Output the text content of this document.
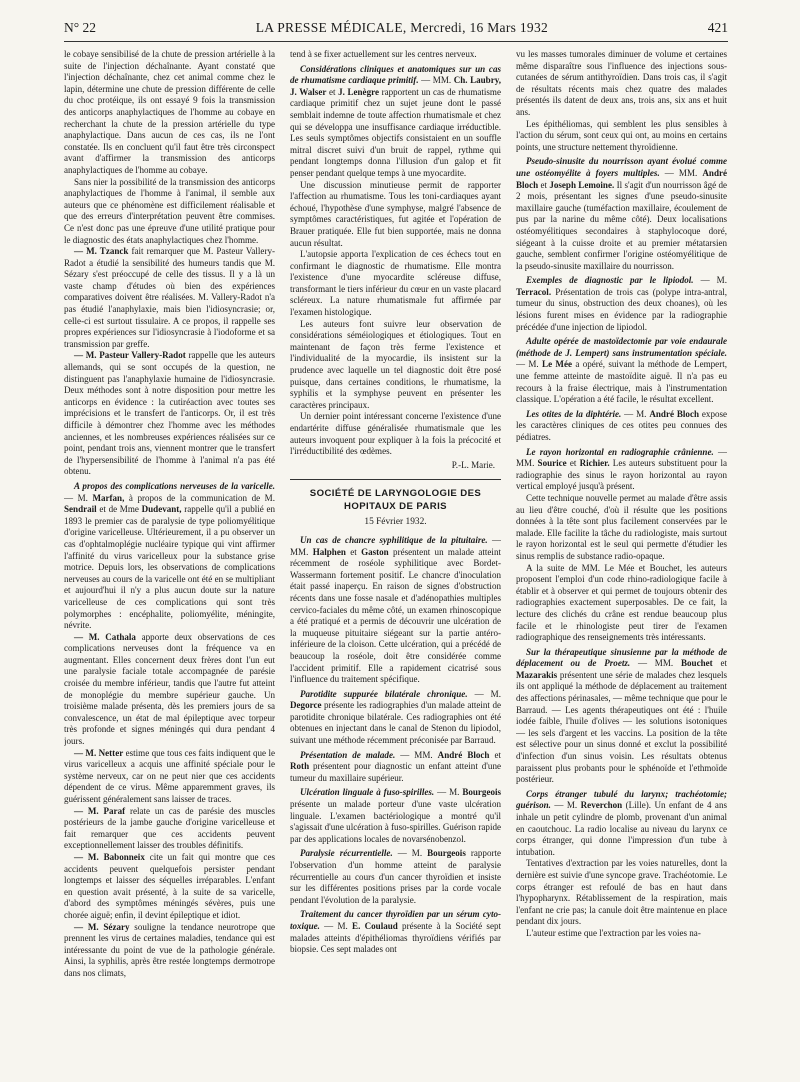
N° 22	LA PRESSE MÉDICALE, Mercredi, 16 Mars 1932	421

le cobaye sensibilisé de la chute de pression artérielle à la suite de l'injection déchaînante. Ayant constaté que l'injection déchaînante, chez cet animal comme chez le lapin, détermine une chute de pression différente de celle du choc protéique, ils ont essayé 9 fois la transmission des anticorps anaphylactiques de l'homme au cobaye en recherchant la chute de la pression artérielle du type anaphylactique. Dans aucun de ces cas, ils ne l'ont constatée. Ils en concluent qu'il faut être très circonspect avant d'affirmer la transmission des anticorps anaphylactiques de l'homme au cobaye.

Sans nier la possibilité de la transmission des anticorps anaphylactiques de l'homme à l'animal, il semble aux auteurs que ce phénomène est difficilement réalisable et que des erreurs d'interprétation peuvent être commises. Ce n'est donc pas une épreuve d'une utilité pratique pour le diagnostic des états anaphylactiques chez l'homme.

— M. Tzanck fait remarquer que M. Pasteur Vallery-Radot a étudié la sensibilité des humeurs tandis que M. Sézary s'est préoccupé de celle des tissus. Il y a là un vaste champ d'études où bien des expériences comparatives doivent être réalisées. M. Vallery-Radot n'a pas étudié l'anaphylaxie, mais bien l'idiosyncrasie; or, celle-ci est surtout tissulaire. A ce propos, il rappelle ses propres expériences sur l'idiosyncrasie à l'iodoforme et sa transmission par greffe.

— M. Pasteur Vallery-Radot rappelle que les auteurs allemands, qui se sont occupés de la question, ne distinguent pas l'anaphylaxie humaine de l'idiosyncrasie. Deux méthodes sont à notre disposition pour mettre les anticorps en évidence : la cutiréaction avec toutes ses imprécisions et le transfert de l'anticorps. Or, il est très difficile à démontrer chez l'homme avec les méthodes anciennes, et les nombreuses expériences réalisées sur ce point, pendant trois ans, viennent montrer que le transfert de l'hypersensibilité de l'homme à l'animal n'a pas été obtenu.

A propos des complications nerveuses de la varicelle. — M. Marfan, à propos de la communication de M. Sendrail et de Mme Dudevant, rappelle qu'il a publié en 1893 le premier cas de paralysie de type poliomyélitique d'origine varicelleuse. Ultérieurement, il a pu observer un cas d'ophtalmoplégie nucléaire typique qui vint affirmer l'affinité du virus varicelleux pour la substance grise motrice. Depuis lors, les observations de complications nerveuses au cours de la varicelle ont été en se multipliant et aujourd'hui il n'y a plus aucun doute sur la nature varicelleuse de ces complications qui sont très polymorphes : encéphalite, poliomyélite, méningite, névrite.

— M. Cathala apporte deux observations de ces complications nerveuses dont la fréquence va en augmentant. Elles concernent deux frères dont l'un eut une paralysie faciale totale accompagnée de parésie croisée du membre inférieur, tandis que l'autre fut atteint de monoplégie du membre supérieur gauche. Un troisième malade présenta, dès les premiers jours de sa convalescence, un état de mal épileptique avec torpeur très profonde et signes méningés qui dura pendant 4 jours.

— M. Netter estime que tous ces faits indiquent que le virus varicelleux a acquis une affinité spéciale pour le système nerveux, car on ne peut nier que ces accidents dépendent de ce virus. Même apparemment graves, ils guérissent généralement sans laisser de traces.

— M. Paraf relate un cas de parésie des muscles postérieurs de la jambe gauche d'origine varicelleuse et fait remarquer que ces accidents peuvent exceptionnellement laisser des troubles définitifs.

— M. Babonneix cite un fait qui montre que ces accidents peuvent quelquefois persister pendant longtemps et laisser des séquelles irréparables. L'enfant en question avait présenté, à la suite de sa varicelle, d'abord des symptômes méningés sévères, puis une chorée aiguë; enfin, il devint épileptique et idiot.

— M. Sézary souligne la tendance neurotrope que prennent les virus de certaines maladies, tendance qui est intéressante du point de vue de la pathologie générale. Ainsi, la syphilis, après être restée longtemps dermotrope dans nos climats,

tend à se fixer actuellement sur les centres nerveux.

Considérations cliniques et anatomiques sur un cas de rhumatisme cardiaque primitif. — MM. Ch. Laubry, J. Walser et J. Lenègre rapportent un cas de rhumatisme cardiaque primitif chez un sujet jeune dont le passé semblait indemne de toute affection rhumatismale et chez qui se développa une insuffisance cardiaque irréductible. Les seuls symptômes objectifs consistaient en un souffle mitral discret suivi d'un bruit de rappel, rythme qui pendant longtemps donna l'illusion d'un galop et fit penser pendant quelque temps à une myocardite.

Une discussion minutieuse permit de rapporter l'affection au rhumatisme. Tous les toni-cardiaques ayant échoué, l'hypothèse d'une symphyse, malgré l'absence de symptômes caractéristiques, fut agitée et l'opération de Brauer pratiquée. Elle fut bien supportée, mais ne donna aucun résultat.

L'autopsie apporta l'explication de ces échecs tout en confirmant le diagnostic de rhumatisme. Elle montra l'existence d'une myocardite scléreuse diffuse, transformant le tiers inférieur du cœur en un vaste placard scléreux. La nature rhumatismale fut affirmée par l'examen histologique.

Les auteurs font suivre leur observation de considérations séméiologiques et étiologiques. Tout en maintenant de façon très ferme l'existence et l'individualité de la myocardie, ils insistent sur la prudence avec laquelle un tel diagnostic doit être posé puisque, dans certaines conditions, le rhumatisme, la syphilis et la symphyse peuvent en présenter les caractères principaux.

Un dernier point intéressant concerne l'existence d'une endartérite diffuse généralisée rhumatismale que les auteurs invoquent pour expliquer à la fois la précocité et l'irréductibilité des œdèmes.

P.-L. Marie.

SOCIÉTÉ DE LARYNGOLOGIE DES HOPITAUX DE PARIS
15 Février 1932.

Un cas de chancre syphilitique de la pituitaire. — MM. Halphen et Gaston présentent un malade atteint récemment de roséole syphilitique avec Bordet-Wassermann fortement positif. Le chancre d'inoculation était passé inaperçu. En raison de signes d'obstruction récents dans une fosse nasale et d'adénopathies multiples cervico-faciales du même côté, un examen rhinoscopique a été pratiqué et a permis de découvrir une ulcération de la muqueuse pituitaire siégeant sur la partie antéro-inférieure de la cloison. Cette ulcération, qui a précédé de beaucoup la roséole, doit être considérée comme l'accident primitif. Elle a rapidement cicatrisé sous l'influence du traitement spécifique.

Parotidite suppurée bilatérale chronique. — M. Degorce présente les radiographies d'un malade atteint de parotidite chronique bilatérale. Ces radiographies ont été obtenues en injectant dans le canal de Stenon du lipiodol, suivant une méthode récemment préconisée par Barraud.

Présentation de malade. — MM. André Bloch et Roth présentent pour diagnostic un enfant atteint d'une tumeur du maxillaire supérieur.

Ulcération linguale à fuso-spirilles. — M. Bourgeois présente un malade porteur d'une vaste ulcération linguale. L'examen bactériologique a montré qu'il s'agissait d'une ulcération à fuso-spirilles. Guérison rapide par des applications locales de novarsénobenzol.

Paralysie récurrentielle. — M. Bourgeois rapporte l'observation d'un homme atteint de paralysie récurrentielle au cours d'un cancer thyroïdien et insiste sur les différentes positions prises par la corde vocale pendant l'évolution de la paralysie.

Traitement du cancer thyroïdien par un sérum cyto-toxique. — M. E. Coulaud présente à la Société sept malades atteints d'épithéliomas thyroïdiens vérifiés par biopsie. Ces sept malades ont

vu les masses tumorales diminuer de volume et certaines même disparaître sous l'influence des injections sous-cutanées de sérum antithyroïdien. Dans trois cas, il s'agit de résultats récents mais chez quatre des malades présentés ils datent de deux ans, trois ans, six ans et huit ans.

Les épithéliomas, qui semblent les plus sensibles à l'action du sérum, sont ceux qui ont, au moins en certains points, une structure nettement thyroïdienne.

Pseudo-sinusite du nourrisson ayant évolué comme une ostéomyélite à foyers multiples. — MM. André Bloch et Joseph Lemoine. Il s'agit d'un nourrisson âgé de 2 mois, présentant les signes d'une pseudo-sinusite maxillaire gauche (tuméfaction maxillaire, écoulement de pus par la narine du même côté). Deux localisations ostéomyélitiques secondaires à staphylocoque doré, siégeant à la cuisse droite et au premier métatarsien gauche, semblent confirmer l'origine ostéomyélitique de la pseudo-sinusite maxillaire du nourrisson.

Exemples de diagnostic par le lipiodol. — M. Terracol. Présentation de trois cas (polype intra-antral, tumeur du sinus, obstruction des deux choanes), où les lésions furent mises en évidence par la radiographie précédée d'une injection de lipiodol.

Adulte opérée de mastoïdectomie par voie endaurale (méthode de J. Lempert) sans instrumentation spéciale. — M. Le Mée a opéré, suivant la méthode de Lempert, une femme atteinte de mastoïdite aiguë. Il n'a pas eu recours à la fraise électrique, mais à l'instrumentation classique. L'opération a été facile, le résultat excellent.

Les otites de la diphtérie. — M. André Bloch expose les caractères cliniques de ces otites peu connues des pédiatres.

Le rayon horizontal en radiographie crânienne. — MM. Sourice et Richier. Les auteurs substituent pour la radiographie des sinus le rayon horizontal au rayon vertical employé jusqu'à présent.

Cette technique nouvelle permet au malade d'être assis au lieu d'être couché, d'où il résulte que les positions données à la tête sont plus facilement conservées par le malade. Elle facilite la tâche du radiologiste, mais surtout le rayon horizontal est le seul qui permette d'étudier les sinus remplis de substance radio-opaque.

A la suite de MM. Le Mée et Bouchet, les auteurs proposent l'emploi d'un code rhino-radiologique facile à établir et à observer et qui permet de toujours obtenir des radiographies exactement superposables. De ce fait, la lecture des clichés du crâne est rendue beaucoup plus facile et le rhinologiste peut tirer de l'examen radiographique des renseignements très intéressants.

Sur la thérapeutique sinusienne par la méthode de déplacement ou de Proetz. — MM. Bouchet et Mazarakis présentent une série de malades chez lesquels ils ont appliqué la méthode de déplacement au traitement des affections périnasales, — même technique que pour le Barraud. — Les agents thérapeutiques ont été : l'huile iodée faible, l'huile d'olives — les solutions isotoniques — les sels d'argent et les vaccins. La position de la tête est sélective pour un sinus donné et exclut la possibilité d'infection d'un sinus voisin. Les résultats obtenus paraissent plus probants pour le sphénoïde et l'ethmoïde postérieur.

Corps étranger tubulé du larynx; trachéotomie; guérison. — M. Reverchon (Lille). Un enfant de 4 ans inhale un petit cylindre de plomb, provenant d'un animal en caoutchouc. La radio localise au niveau du larynx ce corps étranger, qui donne l'impression d'un tube à intubation.

Tentatives d'extraction par les voies naturelles, dont la dernière est suivie d'une syncope grave. Trachéotomie. Le corps étranger est refoulé de bas en haut dans l'hypopharynx. Rétablissement de la respiration, mais l'enfant ne crie pas; la canule doit être maintenue en place pendant dix jours.

L'auteur estime que l'extraction par les voies na-
